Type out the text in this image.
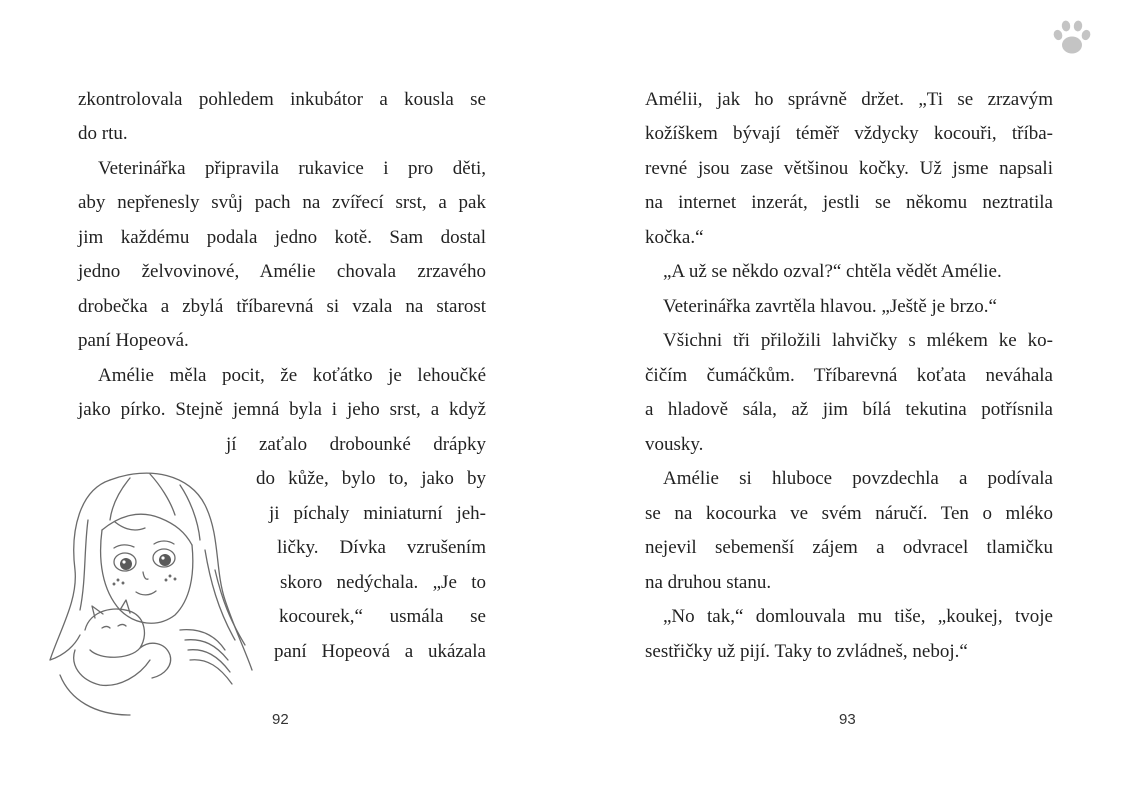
zkontrolovala pohledem inkubátor a kousla se
do rtu.
Veterinářka připravila rukavice i pro děti,
aby nepřenesly svůj pach na zvířecí srst, a pak
jim každému podala jedno kotě. Sam dostal
jedno želvovinové, Amélie chovala zrzavého
drobečka a zbylá tříbarevná si vzala na starost
paní Hopeová.
Amélie měla pocit, že koťátko je lehoučké
jako pírko. Stejně jemná byla i jeho srst, a když
jí zaťalo drobounké drápky
do kůže, bylo to, jako by
ji píchaly miniaturní jeh-
ličky. Dívka vzrušením
skoro nedýchala. „Je to
kocourek,“ usmála se
paní Hopeová a ukázala
92
Amélii, jak ho správně držet. „Ti se zrzavým
kožíškem bývají téměř vždycky kocouři, tříba-
revné jsou zase většinou kočky. Už jsme napsali
na internet inzerát, jestli se někomu neztratila
kočka.“
„A už se někdo ozval?“ chtěla vědět Amélie.
Veterinářka zavrtěla hlavou. „Ještě je brzo.“
Všichni tři přiložili lahvičky s mlékem ke ko-
čičím čumáčkům. Tříbarevná koťata neváhala
a hladově sála, až jim bílá tekutina potřísnila
vousky.
Amélie si hluboce povzdechla a podívala
se na kocourka ve svém náručí. Ten o mléko
nejevil sebemenší zájem a odvracel tlamičku
na druhou stanu.
„No tak,“ domlouvala mu tiše, „koukej, tvoje
sestřičky už pijí. Taky to zvládneš, neboj.“
93
